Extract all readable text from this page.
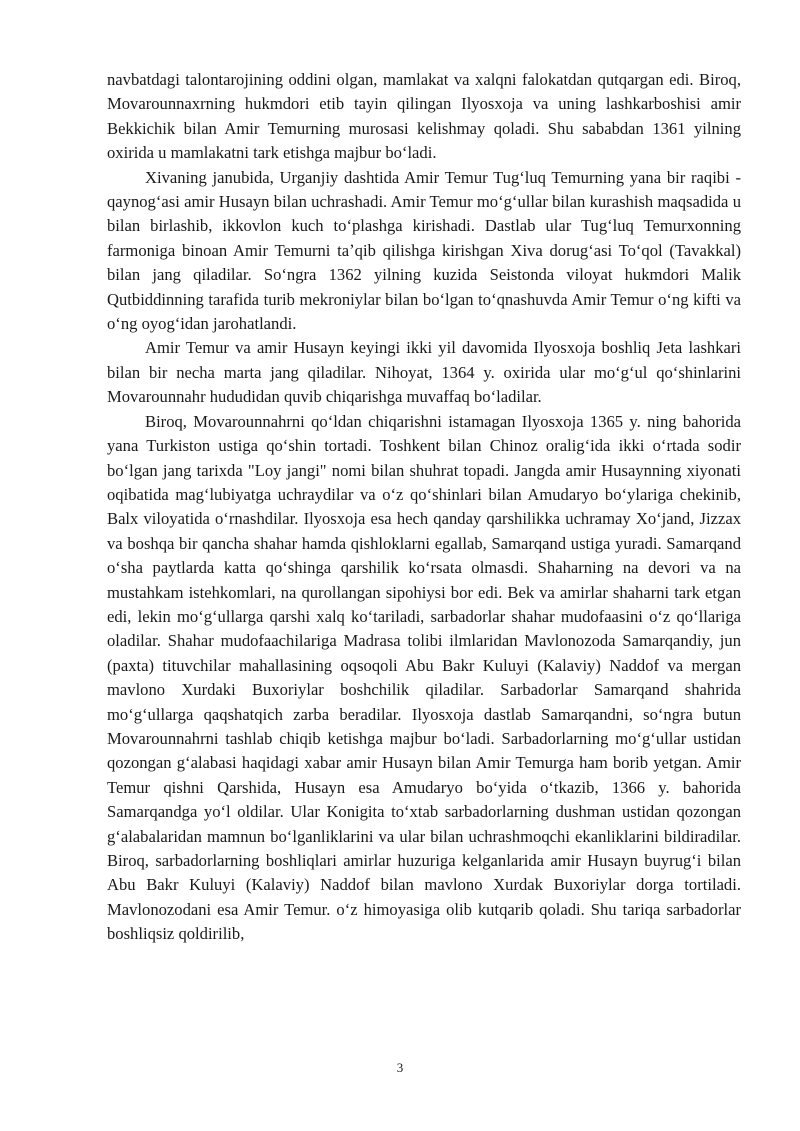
navbatdagi talontarojining oddini olgan, mamlakat va xalqni falokatdan qutqargan edi. Biroq, Movarounnaxrning hukmdori etib tayin qilingan Ilyosxoja va uning lashkarboshisi amir Bekkichik bilan Amir Temurning murosasi kelishmay qoladi. Shu sababdan 1361 yilning oxirida u mamlakatni tark etishga majbur boʻladi.

Xivaning janubida, Urganjiy dashtida Amir Temur Tugʻluq Temurning yana bir raqibi - qaynogʻasi amir Husayn bilan uchrashadi. Amir Temur moʻgʻullar bilan kurashish maqsadida u bilan birlashib, ikkovlon kuch toʻplashga kirishadi. Dastlab ular Tugʻluq Temurxonning farmoniga binoan Amir Temurni taʼqib qilishga kirishgan Xiva dorugʻasi Toʻqol (Tavakkal) bilan jang qiladilar. Soʻngra 1362 yilning kuzida Seistonda viloyat hukmdori Malik Qutbiddinning tarafida turib mekroniylar bilan boʻlgan toʻqnashuvda Amir Temur oʻng kifti va oʻng oyogʻidan jarohatlandi.

Amir Temur va amir Husayn keyingi ikki yil davomida Ilyosxoja boshliq Jeta lashkari bilan bir necha marta jang qiladilar. Nihoyat, 1364 y. oxirida ular moʻgʻul qoʻshinlarini Movarounnahr hududidan quvib chiqarishga muvaffaq boʻladilar.

Biroq, Movarounnahrni qoʻldan chiqarishni istamagan Ilyosxoja 1365 y. ning bahorida yana Turkiston ustiga qoʻshin tortadi. Toshkent bilan Chinoz oraligʻida ikki oʻrtada sodir boʻlgan jang tarixda "Loy jangi" nomi bilan shuhrat topadi. Jangda amir Husaynning xiyonati oqibatida magʻlubiyatga uchraydilar va oʻz qoʻshinlari bilan Amudaryo boʻylariga chekinib, Balx viloyatida oʻrnashdilar. Ilyosxoja esa hech qanday qarshilikka uchramay Xoʻjand, Jizzax va boshqa bir qancha shahar hamda qishloklarni egallab, Samarqand ustiga yuradi. Samarqand oʻsha paytlarda katta qoʻshinga qarshilik koʻrsata olmasdi. Shaharning na devori va na mustahkam istehkomlari, na qurollangan sipohiysi bor edi. Bek va amirlar shaharni tark etgan edi, lekin moʻgʻullarga qarshi xalq koʻtariladi, sarbadorlar shahar mudofaasini oʻz qoʻllariga oladilar. Shahar mudofaachilariga Madrasa tolibi ilmlaridan Mavlonozoda Samarqandiy, jun (paxta) tituvchilar mahallasining oqsoqoli Abu Bakr Kuluyi (Kalaviy) Naddof va mergan mavlono Xurdaki Buxoriylar boshchilik qiladilar. Sarbadorlar Samarqand shahrida moʻgʻullarga qaqshatqich zarba beradilar. Ilyosxoja dastlab Samarqandni, soʻngra butun Movarounnahrni tashlab chiqib ketishga majbur boʻladi. Sarbadorlarning moʻgʻullar ustidan qozongan gʻalabasi haqidagi xabar amir Husayn bilan Amir Temurga ham borib yetgan. Amir Temur qishni Qarshida, Husayn esa Amudaryo boʻyida oʻtkazib, 1366 y. bahorida Samarqandga yoʻl oldilar. Ular Konigita toʻxtab sarbadorlarning dushman ustidan qozongan gʻalabalaridan mamnun boʻlganliklarini va ular bilan uchrashmoqchi ekanliklarini bildiradilar. Biroq, sarbadorlarning boshliqlari amirlar huzuriga kelganlarida amir Husayn buyrugʻi bilan Abu Bakr Kuluyi (Kalaviy) Naddof bilan mavlono Xurdak Buxoriylar dorga tortiladi. Mavlonozodani esa Amir Temur. oʻz himoyasiga olib kutqarib qoladi. Shu tariqa sarbadorlar boshliqsiz qoldirilib,

3
